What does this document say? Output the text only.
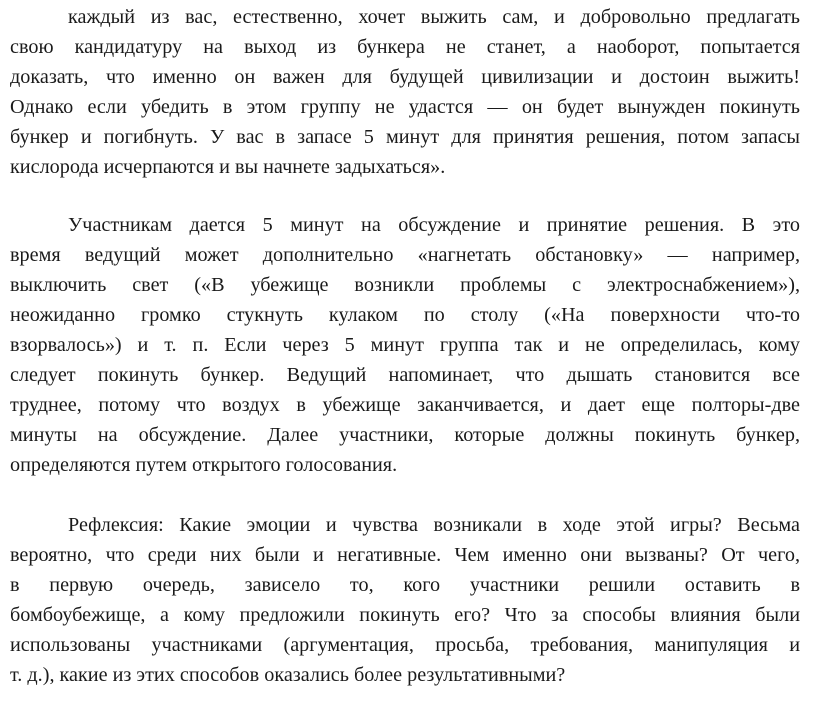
каждый из вас, естественно, хочет выжить сам, и добровольно предлагать
свою кандидатуру на выход из бункера не станет, а наоборот, попытается
доказать, что именно он важен для будущей цивилизации и достоин выжить!
Однако если убедить в этом группу не удастся — он будет вынужден покинуть
бункер и погибнуть. У вас в запасе 5 минут для принятия решения, потом запасы
кислорода исчерпаются и вы начнете задыхаться».
Участникам дается 5 минут на обсуждение и принятие решения. В это
время ведущий может дополнительно «нагнетать обстановку» — например,
выключить свет («В убежище возникли проблемы с электроснабжением»),
неожиданно громко стукнуть кулаком по столу («На поверхности что-то
взорвалось») и т. п. Если через 5 минут группа так и не определилась, кому
следует покинуть бункер. Ведущий напоминает, что дышать становится все
труднее, потому что воздух в убежище заканчивается, и дает еще полторы-две
минуты на обсуждение. Далее участники, которые должны покинуть бункер,
определяются путем открытого голосования.
Рефлексия: Какие эмоции и чувства возникали в ходе этой игры? Весьма
вероятно, что среди них были и негативные. Чем именно они вызваны? От чего,
в первую очередь, зависело то, кого участники решили оставить в
бомбоубежище, а кому предложили покинуть его? Что за способы влияния были
использованы участниками (аргументация, просьба, требования, манипуляция и
т. д.), какие из этих способов оказались более результативными?
